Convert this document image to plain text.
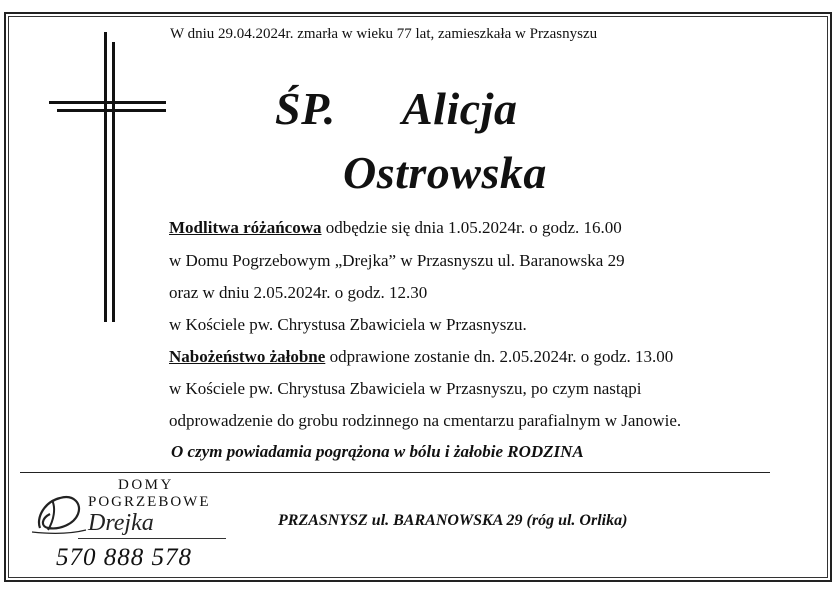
W dniu 29.04.2024r. zmarła w wieku 77 lat, zamieszkała w Przasnyszu
ŚP. Alicja
Ostrowska
Modlitwa różańcowa odbędzie się dnia 1.05.2024r. o godz. 16.00
w Domu Pogrzebowym „Drejka” w Przasnyszu ul. Baranowska 29
oraz w dniu 2.05.2024r. o godz. 12.30
w Kościele pw. Chrystusa Zbawiciela w Przasnyszu.
Nabożeństwo żałobne odprawione zostanie dn. 2.05.2024r. o godz. 13.00
w Kościele pw. Chrystusa Zbawiciela w Przasnyszu, po czym nastąpi
odprowadzenie do grobu rodzinnego na cmentarzu parafialnym w Janowie.
O czym powiadamia pogrążona w bólu i żałobie RODZINA
DOMY
POGRZEBOWE
Drejka
570 888 578
PRZASNYSZ ul. BARANOWSKA 29 (róg ul. Orlika)
